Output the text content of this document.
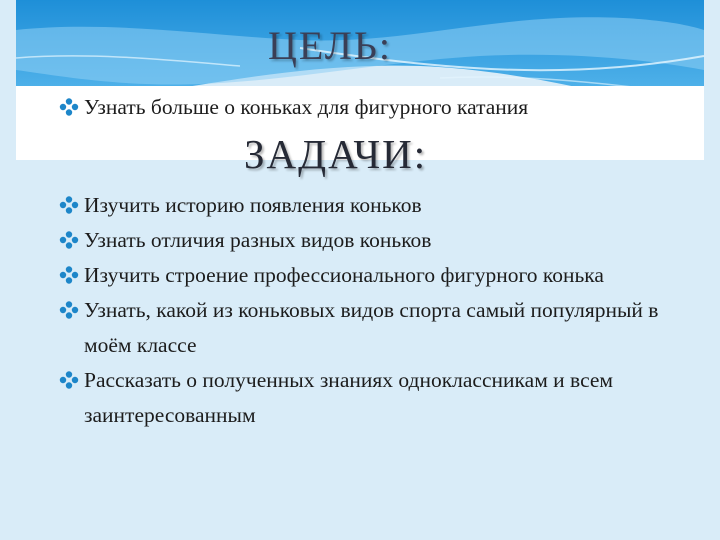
ЦЕЛЬ:
Узнать больше о коньках для фигурного катания
ЗАДАЧИ:
Изучить историю появления коньков
Узнать отличия разных видов коньков
Изучить строение профессионального фигурного конька
Узнать, какой из коньковых видов спорта самый популярный в моём классе
Рассказать о полученных знаниях одноклассникам и всем заинтересованным
